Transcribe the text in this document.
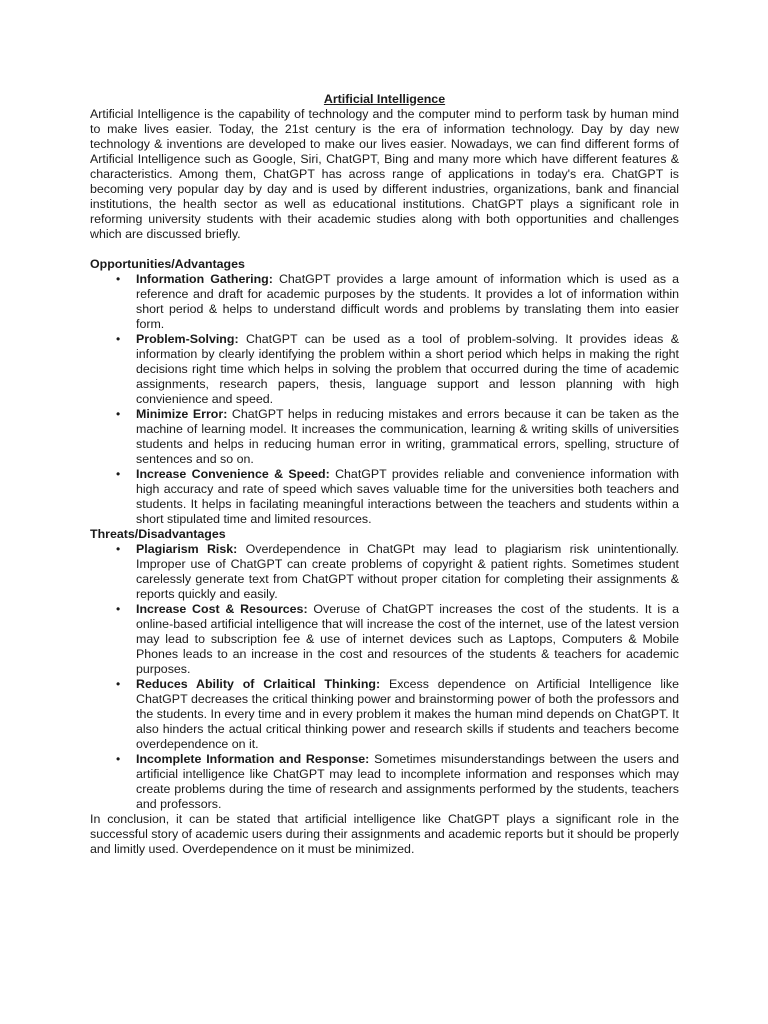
Artificial Intelligence

Artificial Intelligence is the capability of technology and the computer mind to perform task by human mind to make lives easier. Today, the 21st century is the era of information technology. Day by day new technology & inventions are developed to make our lives easier. Nowadays, we can find different forms of Artificial Intelligence such as Google, Siri, ChatGPT, Bing and many more which have different features & characteristics. Among them, ChatGPT has across range of applications in today's era. ChatGPT is becoming very popular day by day and is used by different industries, organizations, bank and financial institutions, the health sector as well as educational institutions. ChatGPT plays a significant role in reforming university students with their academic studies along with both opportunities and challenges which are discussed briefly.

Opportunities/Advantages

• Information Gathering: ChatGPT provides a large amount of information which is used as a reference and draft for academic purposes by the students. It provides a lot of information within short period & helps to understand difficult words and problems by translating them into easier form.
• Problem-Solving: ChatGPT can be used as a tool of problem-solving. It provides ideas & information by clearly identifying the problem within a short period which helps in making the right decisions right time which helps in solving the problem that occurred during the time of academic assignments, research papers, thesis, language support and lesson planning with high convienience and speed.
• Minimize Error: ChatGPT helps in reducing mistakes and errors because it can be taken as the machine of learning model. It increases the communication, learning & writing skills of universities students and helps in reducing human error in writing, grammatical errors, spelling, structure of sentences and so on.
• Increase Convenience & Speed: ChatGPT provides reliable and convenience information with high accuracy and rate of speed which saves valuable time for the universities both teachers and students. It helps in facilating meaningful interactions between the teachers and students within a short stipulated time and limited resources.

Threats/Disadvantages

• Plagiarism Risk: Overdependence in ChatGPt may lead to plagiarism risk unintentionally. Improper use of ChatGPT can create problems of copyright & patient rights. Sometimes student carelessly generate text from ChatGPT without proper citation for completing their assignments & reports quickly and easily.
• Increase Cost & Resources: Overuse of ChatGPT increases the cost of the students. It is a online-based artificial intelligence that will increase the cost of the internet, use of the latest version may lead to subscription fee & use of internet devices such as Laptops, Computers & Mobile Phones leads to an increase in the cost and resources of the students & teachers for academic purposes.
• Reduces Ability of Crlaitical Thinking: Excess dependence on Artificial Intelligence like ChatGPT decreases the critical thinking power and brainstorming power of both the professors and the students. In every time and in every problem it makes the human mind depends on ChatGPT. It also hinders the actual critical thinking power and research skills if students and teachers become overdependence on it.
• Incomplete Information and Response: Sometimes misunderstandings between the users and artificial intelligence like ChatGPT may lead to incomplete information and responses which may create problems during the time of research and assignments performed by the students, teachers and professors.

In conclusion, it can be stated that artificial intelligence like ChatGPT plays a significant role in the successful story of academic users during their assignments and academic reports but it should be properly and limitly used. Overdependence on it must be minimized.
